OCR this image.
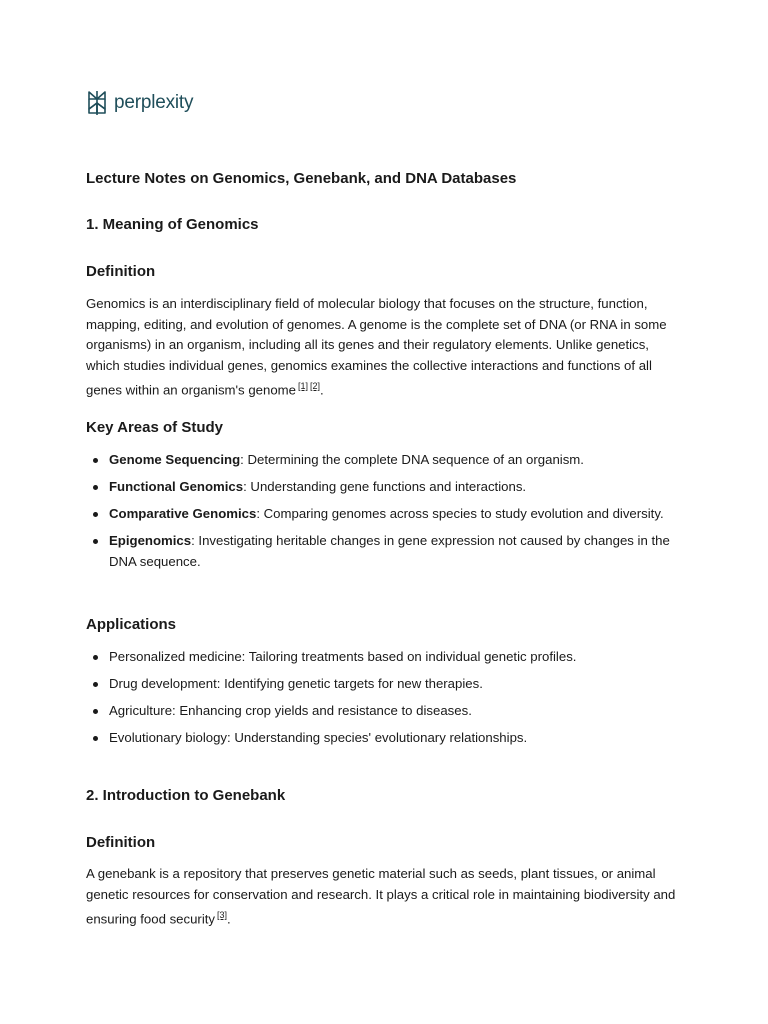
perplexity
Lecture Notes on Genomics, Genebank, and DNA Databases
1. Meaning of Genomics
Definition

Genomics is an interdisciplinary field of molecular biology that focuses on the structure, function, mapping, editing, and evolution of genomes. A genome is the complete set of DNA (or RNA in some organisms) in an organism, including all its genes and their regulatory elements. Unlike genetics, which studies individual genes, genomics examines the collective interactions and functions of all genes within an organism's genome [1] [2].

Key Areas of Study
Genome Sequencing: Determining the complete DNA sequence of an organism.
Functional Genomics: Understanding gene functions and interactions.
Comparative Genomics: Comparing genomes across species to study evolution and diversity.
Epigenomics: Investigating heritable changes in gene expression not caused by changes in the DNA sequence.
Applications
Personalized medicine: Tailoring treatments based on individual genetic profiles.
Drug development: Identifying genetic targets for new therapies.
Agriculture: Enhancing crop yields and resistance to diseases.
Evolutionary biology: Understanding species' evolutionary relationships.
2. Introduction to Genebank
Definition

A genebank is a repository that preserves genetic material such as seeds, plant tissues, or animal genetic resources for conservation and research. It plays a critical role in maintaining biodiversity and ensuring food security [3].
